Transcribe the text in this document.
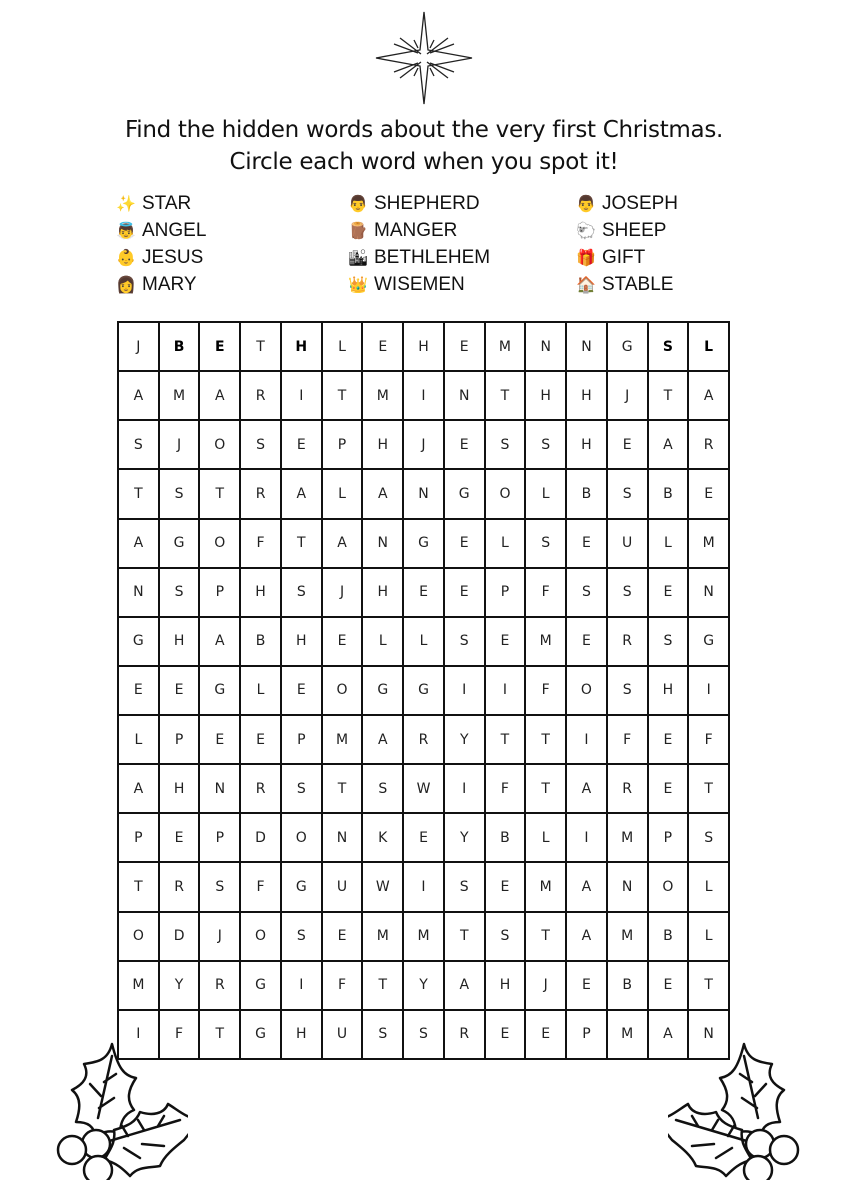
Find the hidden words about the very first Christmas.
Circle each word when you spot it!
✨ STAR
👼 ANGEL
👶 JESUS
👩 MARY
👨 SHEPHERD
🪵 MANGER
🏙 BETHLEHEM
👑 WISEMEN
👨 JOSEPH
🐑 SHEEP
🎁 GIFT
🏠 STABLE
J	B	E	T	H	L	E	H	E	M	N	N	G	S	L
A	M	A	R	I	T	M	I	N	T	H	H	J	T	A
S	J	O	S	E	P	H	J	E	S	S	H	E	A	R
T	S	T	R	A	L	A	N	G	O	L	B	S	B	E
A	G	O	F	T	A	N	G	E	L	S	E	U	L	M
N	S	P	H	S	J	H	E	E	P	F	S	S	E	N
G	H	A	B	H	E	L	L	S	E	M	E	R	S	G
E	E	G	L	E	O	G	G	I	I	F	O	S	H	I
L	P	E	E	P	M	A	R	Y	T	T	I	F	E	F
A	H	N	R	S	T	S	W	I	F	T	A	R	E	T
P	E	P	D	O	N	K	E	Y	B	L	I	M	P	S
T	R	S	F	G	U	W	I	S	E	M	A	N	O	L
O	D	J	O	S	E	M	M	T	S	T	A	M	B	L
M	Y	R	G	I	F	T	Y	A	H	J	E	B	E	T
I	F	T	G	H	U	S	S	R	E	E	P	M	A	N
